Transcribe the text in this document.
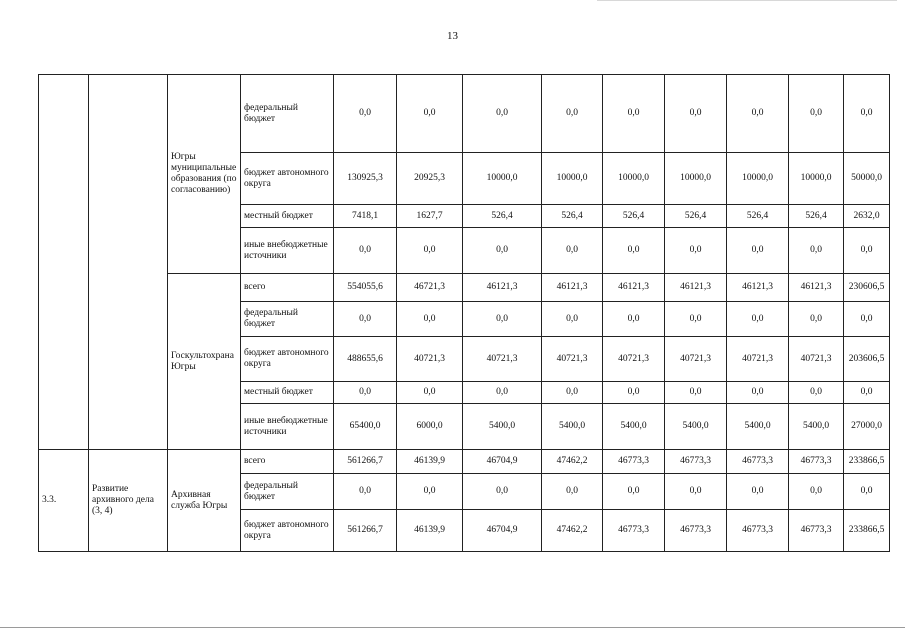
13
		Югры муниципальные образования (по согласованию)	федеральный бюджет	0,0	0,0	0,0	0,0	0,0	0,0	0,0	0,0	0,0
			бюджет автономного округа	130925,3	20925,3	10000,0	10000,0	10000,0	10000,0	10000,0	10000,0	50000,0
			местный бюджет	7418,1	1627,7	526,4	526,4	526,4	526,4	526,4	526,4	2632,0
			иные внебюджетные источники	0,0	0,0	0,0	0,0	0,0	0,0	0,0	0,0	0,0
		Госкультохрана Югры	всего	554055,6	46721,3	46121,3	46121,3	46121,3	46121,3	46121,3	46121,3	230606,5
			федеральный бюджет	0,0	0,0	0,0	0,0	0,0	0,0	0,0	0,0	0,0
			бюджет автономного округа	488655,6	40721,3	40721,3	40721,3	40721,3	40721,3	40721,3	40721,3	203606,5
			местный бюджет	0,0	0,0	0,0	0,0	0,0	0,0	0,0	0,0	0,0
			иные внебюджетные источники	65400,0	6000,0	5400,0	5400,0	5400,0	5400,0	5400,0	5400,0	27000,0
3.3.	Развитие архивного дела (3, 4)	Архивная служба Югры	всего	561266,7	46139,9	46704,9	47462,2	46773,3	46773,3	46773,3	46773,3	233866,5
			федеральный бюджет	0,0	0,0	0,0	0,0	0,0	0,0	0,0	0,0	0,0
			бюджет автономного округа	561266,7	46139,9	46704,9	47462,2	46773,3	46773,3	46773,3	46773,3	233866,5
